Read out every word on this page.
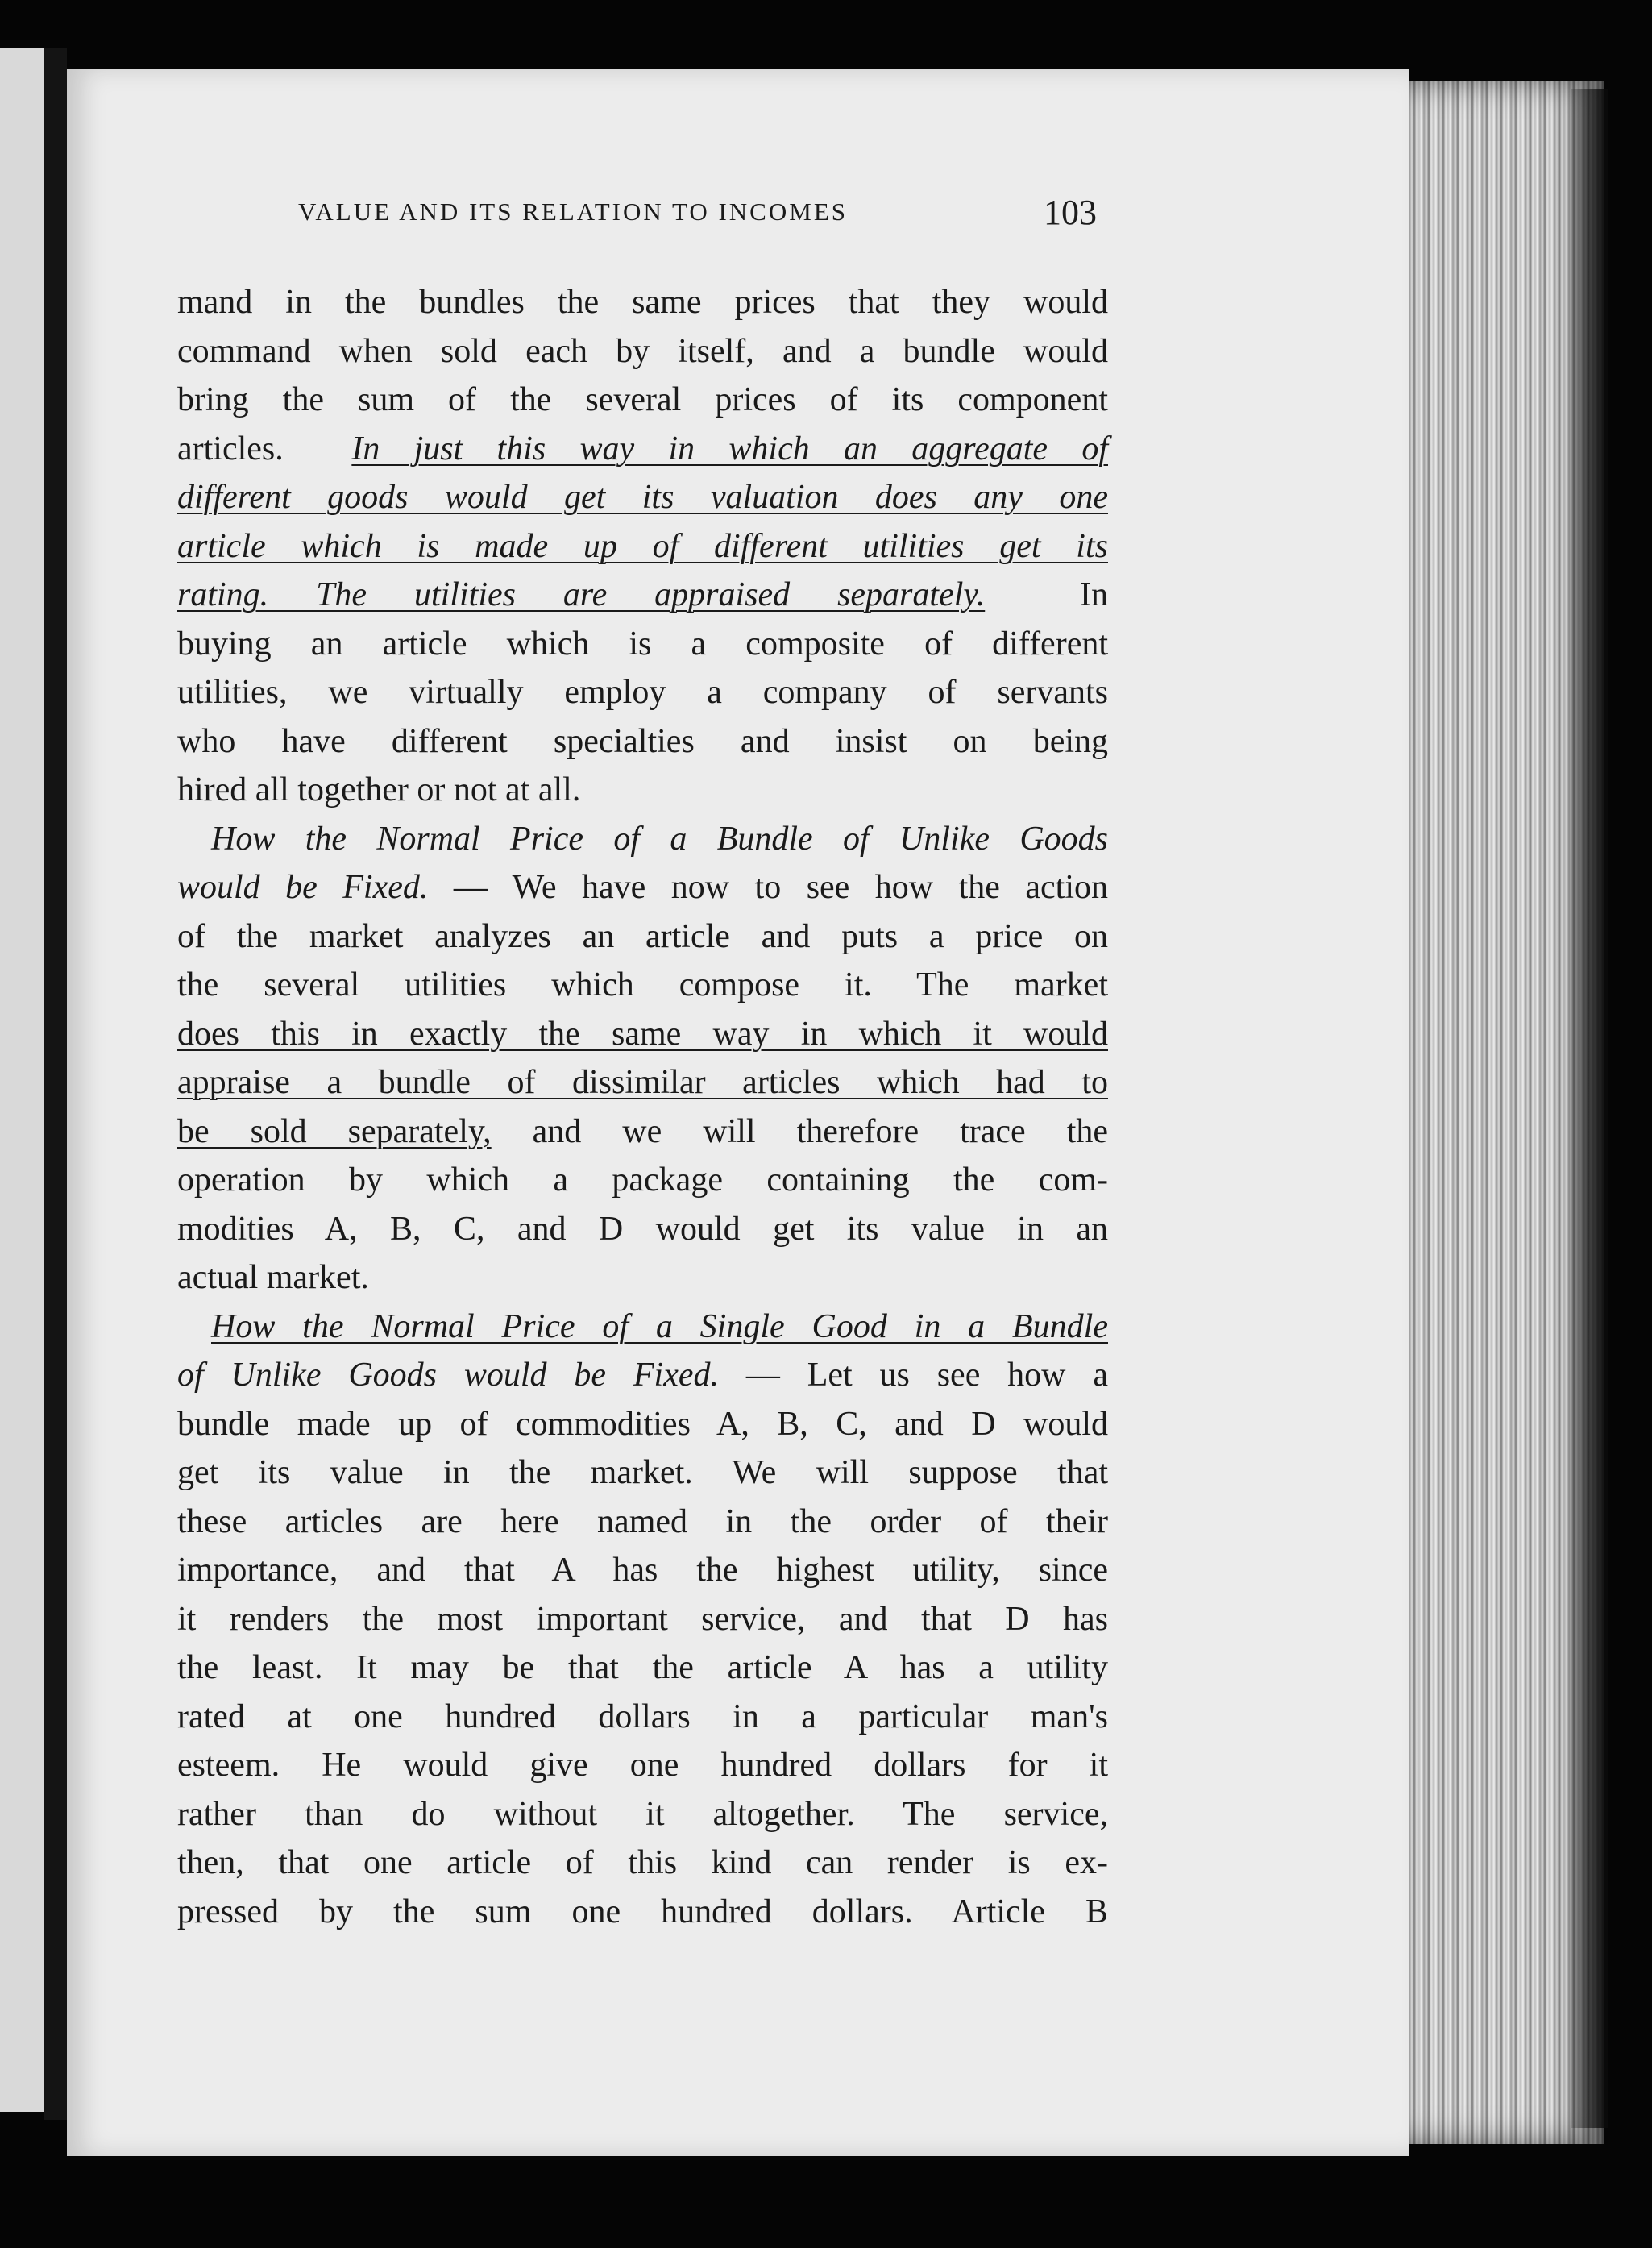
VALUE AND ITS RELATION TO INCOMES	103
mand in the bundles the same prices that they would
command when sold each by itself, and a bundle would
bring the sum of the several prices of its component
articles. In just this way in which an aggregate of
different goods would get its valuation does any one
article which is made up of different utilities get its
rating. The utilities are appraised separately.	In
buying an article which is a composite of different
utilities, we virtually employ a company of servants
who have different specialties and insist on being
hired all together or not at all.
How the Normal Price of a Bundle of Unlike Goods
would be Fixed. — We have now to see how the action
of the market analyzes an article and puts a price on
the several utilities which compose it. The market
does this in exactly the same way in which it would
appraise a bundle of dissimilar articles which had to
be sold separately, and we will therefore trace the
operation by which a package containing the com-
modities A, B, C, and D would get its value in an
actual market.
How the Normal Price of a Single Good in a Bundle
of Unlike Goods would be Fixed. — Let us see how a
bundle made up of commodities A, B, C, and D would
get its value in the market. We will suppose that
these articles are here named in the order of their
importance, and that A has the highest utility, since
it renders the most important service, and that D has
the least. It may be that the article A has a utility
rated at one hundred dollars in a particular man's
esteem. He would give one hundred dollars for it
rather than do without it altogether. The service,
then, that one article of this kind can render is ex-
pressed by the sum one hundred dollars. Article B
